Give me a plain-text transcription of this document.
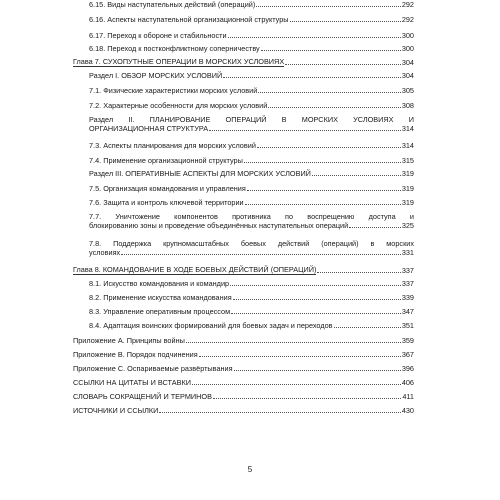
6.15. Виды наступательных действий (операций)	292
6.16. Аспекты наступательной организационной структуры	292
6.17. Переход к обороне и стабильности	300
6.18. Переход к постконфликтному соперничеству	300
Глава 7. СУХОПУТНЫЕ ОПЕРАЦИИ В МОРСКИХ УСЛОВИЯХ	304
Раздел I. ОБЗОР МОРСКИХ УСЛОВИЙ	304
7.1. Физические характеристики морских условий	305
7.2. Характерные особенности для морских условий	308
Раздел II. ПЛАНИРОВАНИЕ ОПЕРАЦИЙ В МОРСКИХ УСЛОВИЯХ И
ОРГАНИЗАЦИОННАЯ СТРУКТУРА	314
7.3. Аспекты планирования для морских условий	314
7.4. Применение организационной структуры	315
Раздел III. ОПЕРАТИВНЫЕ АСПЕКТЫ ДЛЯ МОРСКИХ УСЛОВИЙ	319
7.5. Организация командования и управления	319
7.6. Защита и контроль ключевой территории	319
7.7. Уничтожение компонентов противника по воспрещению доступа и
блокированию зоны и проведение объединённых наступательных операций	325
7.8. Поддержка крупномасштабных боевых действий (операций) в морских
условиях	331
Глава 8. КОМАНДОВАНИЕ В ХОДЕ БОЕВЫХ ДЕЙСТВИЙ (ОПЕРАЦИЙ)	337
8.1. Искусство командования и командир	337
8.2. Применение искусства командования	339
8.3. Управление оперативным процессом	347
8.4. Адаптация воинских формирований для боевых задач и переходов	351
Приложение А. Принципы войны	359
Приложение В. Порядок подчинения	367
Приложение С. Оспариваемые развёртывания	396
ССЫЛКИ НА ЦИТАТЫ И ВСТАВКИ	406
СЛОВАРЬ СОКРАЩЕНИЙ И ТЕРМИНОВ	411
ИСТОЧНИКИ И ССЫЛКИ	430
5
